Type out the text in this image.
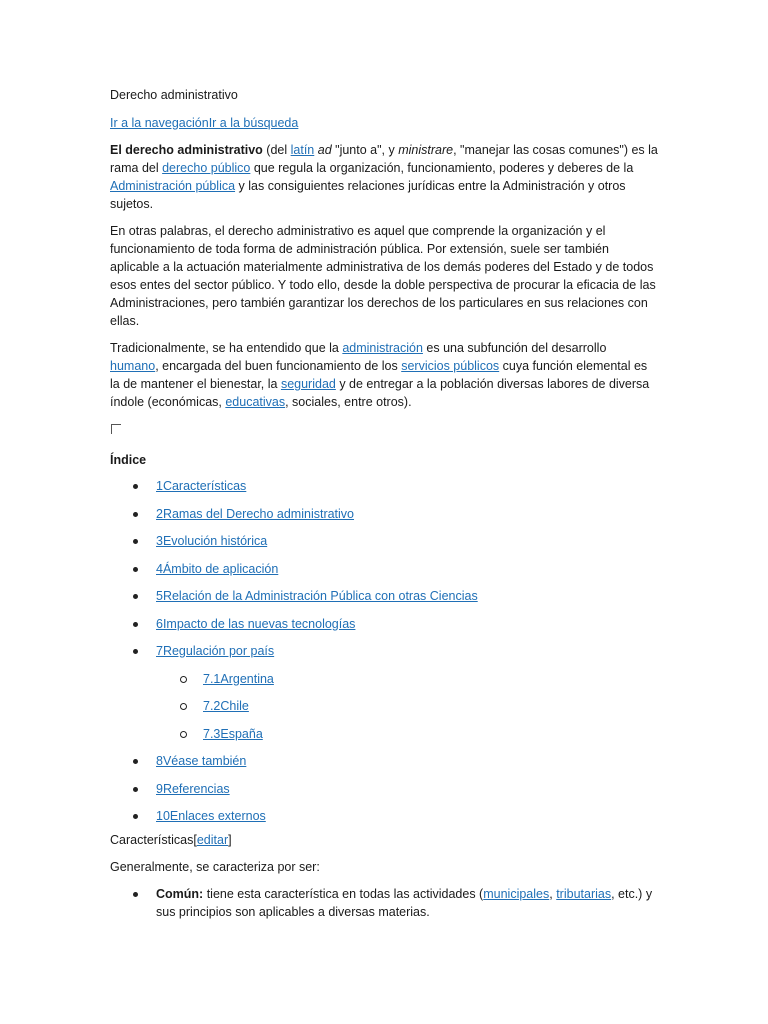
Derecho administrativo

Ir a la navegaciónIr a la búsqueda

El derecho administrativo (del latín ad "junto a", y ministrare, "manejar las cosas comunes") es la rama del derecho público que regula la organización, funcionamiento, poderes y deberes de la Administración pública y las consiguientes relaciones jurídicas entre la Administración y otros sujetos.

En otras palabras, el derecho administrativo es aquel que comprende la organización y el funcionamiento de toda forma de administración pública. Por extensión, suele ser también aplicable a la actuación materialmente administrativa de los demás poderes del Estado y de todos esos entes del sector público. Y todo ello, desde la doble perspectiva de procurar la eficacia de las Administraciones, pero también garantizar los derechos de los particulares en sus relaciones con ellas.

Tradicionalmente, se ha entendido que la administración es una subfunción del desarrollo humano, encargada del buen funcionamiento de los servicios públicos cuya función elemental es la de mantener el bienestar, la seguridad y de entregar a la población diversas labores de diversa índole (económicas, educativas, sociales, entre otros).

Índice

1Características
2Ramas del Derecho administrativo
3Evolución histórica
4Ámbito de aplicación
5Relación de la Administración Pública con otras Ciencias
6Impacto de las nuevas tecnologías
7Regulación por país
7.1Argentina
7.2Chile
7.3España
8Véase también
9Referencias
10Enlaces externos

Características[editar]

Generalmente, se caracteriza por ser:

Común: tiene esta característica en todas las actividades (municipales, tributarias, etc.) y sus principios son aplicables a diversas materias.
